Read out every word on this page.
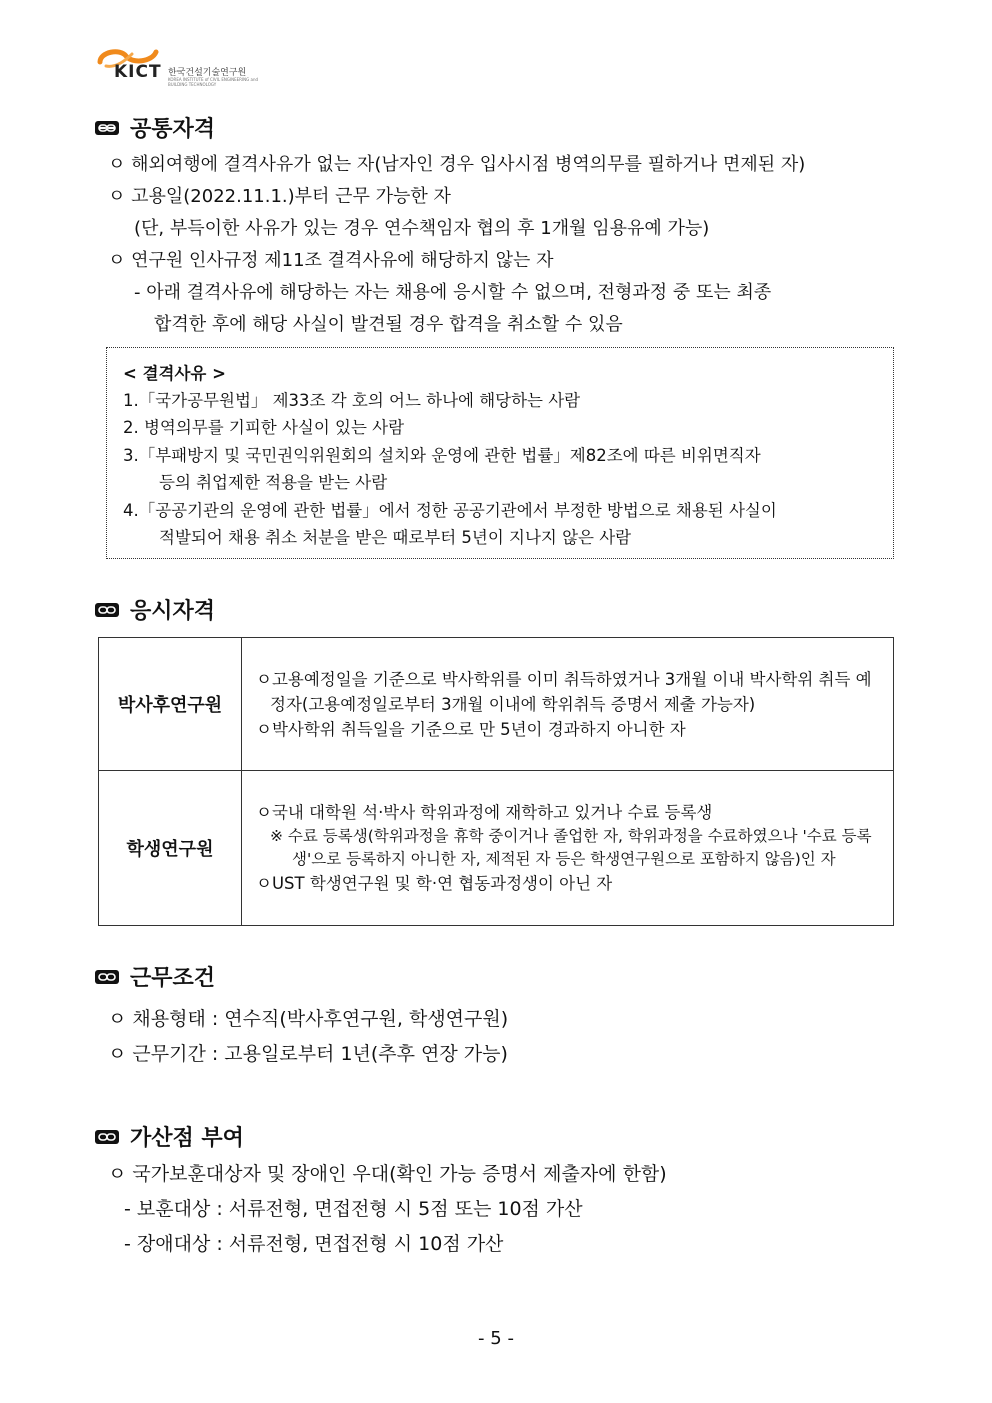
KICT 한국건설기술연구원
KOREA INSTITUTE of CIVIL ENGINEERING and BUILDING TECHNOLOGY
공통자격
ㅇ 해외여행에 결격사유가 없는 자(남자인 경우 입사시점 병역의무를 필하거나 면제된 자)
ㅇ 고용일(2022.11.1.)부터 근무 가능한 자
(단, 부득이한 사유가 있는 경우 연수책임자 협의 후 1개월 임용유예 가능)
ㅇ 연구원 인사규정 제11조 결격사유에 해당하지 않는 자
- 아래 결격사유에 해당하는 자는 채용에 응시할 수 없으며, 전형과정 중 또는 최종
합격한 후에 해당 사실이 발견될 경우 합격을 취소할 수 있음
< 결격사유 >
1.「국가공무원법」 제33조 각 호의 어느 하나에 해당하는 사람
2. 병역의무를 기피한 사실이 있는 사람
3.「부패방지 및 국민권익위원회의 설치와 운영에 관한 법률」제82조에 따른 비위면직자
등의 취업제한 적용을 받는 사람
4.「공공기관의 운영에 관한 법률」에서 정한 공공기관에서 부정한 방법으로 채용된 사실이
적발되어 채용 취소 처분을 받은 때로부터 5년이 지나지 않은 사람
응시자격
박사후연구원	ㅇ고용예정일을 기준으로 박사학위를 이미 취득하였거나 3개월 이내 박사학위 취득 예정자(고용예정일로부터 3개월 이내에 학위취득 증명서 제출 가능자)
ㅇ박사학위 취득일을 기준으로 만 5년이 경과하지 아니한 자

학생연구원	ㅇ국내 대학원 석·박사 학위과정에 재학하고 있거나 수료 등록생
※ 수료 등록생(학위과정을 휴학 중이거나 졸업한 자, 학위과정을 수료하였으나 '수료 등록생'으로 등록하지 아니한 자, 제적된 자 등은 학생연구원으로 포함하지 않음)인 자
ㅇUST 학생연구원 및 학·연 협동과정생이 아닌 자
근무조건
ㅇ 채용형태 : 연수직(박사후연구원, 학생연구원)
ㅇ 근무기간 : 고용일로부터 1년(추후 연장 가능)
가산점 부여
ㅇ 국가보훈대상자 및 장애인 우대(확인 가능 증명서 제출자에 한함)
- 보훈대상 : 서류전형, 면접전형 시 5점 또는 10점 가산
- 장애대상 : 서류전형, 면접전형 시 10점 가산
- 5 -
